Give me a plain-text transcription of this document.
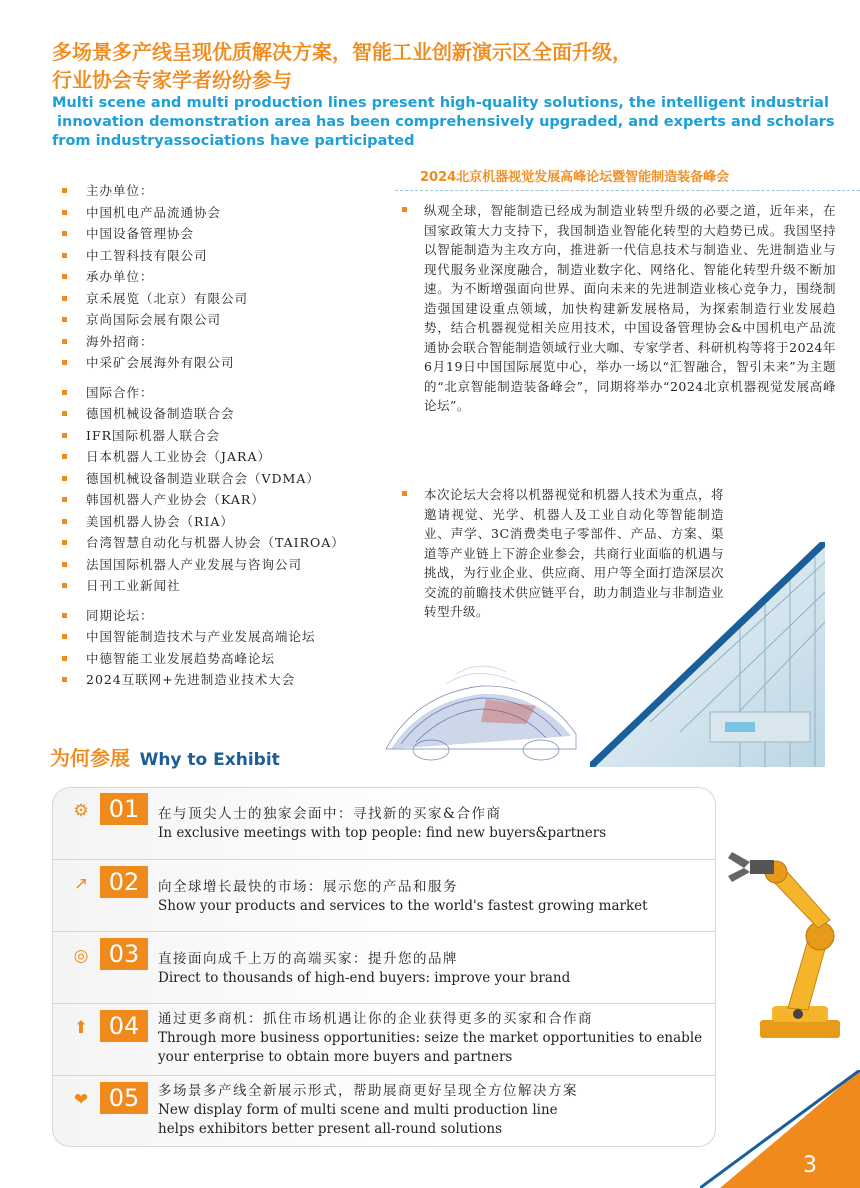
多场景多产线呈现优质解决方案，智能工业创新演示区全面升级，
行业协会专家学者纷纷参与
Multi scene and multi production lines present high-quality solutions, the intelligent industrial
innovation demonstration area has been comprehensively upgraded, and experts and scholars
from industryassociations have participated
2024北京机器视觉发展高峰论坛暨智能制造装备峰会
主办单位：
中国机电产品流通协会
中国设备管理协会
中工智科技有限公司
承办单位：
京禾展览（北京）有限公司
京尚国际会展有限公司
海外招商：
中采矿会展海外有限公司
国际合作：
德国机械设备制造联合会
IFR国际机器人联合会
日本机器人工业协会（JARA）
德国机械设备制造业联合会（VDMA）
韩国机器人产业协会（KAR）
美国机器人协会（RIA）
台湾智慧自动化与机器人协会（TAIROA）
法国国际机器人产业发展与咨询公司
日刊工业新闻社
同期论坛：
中国智能制造技术与产业发展高端论坛
中德智能工业发展趋势高峰论坛
2024互联网+先进制造业技术大会

纵观全球，智能制造已经成为制造业转型升级的必要之道，近年来，在国家政策大力支持下，我国制造业智能化转型的大趋势已成。我国坚持以智能制造为主攻方向，推进新一代信息技术与制造业、先进制造业与现代服务业深度融合，制造业数字化、网络化、智能化转型升级不断加速。为不断增强面向世界、面向未来的先进制造业核心竞争力，围绕制造强国建设重点领域，加快构建新发展格局，为探索制造行业发展趋势，结合机器视觉相关应用技术，中国设备管理协会&中国机电产品流通协会联合智能制造领域行业大咖、专家学者、科研机构等将于2024年6月19日中国国际展览中心，举办一场以“汇智融合，智引未来”为主题的“北京智能制造装备峰会”，同期将举办“2024北京机器视觉发展高峰论坛”。

本次论坛大会将以机器视觉和机器人技术为重点，将邀请视觉、光学、机器人及工业自动化等智能制造业、声学、3C消费类电子零部件、产品、方案、渠道等产业链上下游企业参会，共商行业面临的机遇与挑战，为行业企业、供应商、用户等全面打造深层次交流的前瞻技术供应链平台，助力制造业与非制造业转型升级。

为何参展 Why to Exhibit
⚙ 01	在与顶尖人士的独家会面中：寻找新的买家&合作商
In exclusive meetings with top people: find new buyers&partners
↗ 02	向全球增长最快的市场：展示您的产品和服务
Show your products and services to the world's fastest growing market
◎ 03	直接面向成千上万的高端买家：提升您的品牌
Direct to thousands of high-end buyers: improve your brand
⬆ 04	通过更多商机：抓住市场机遇让你的企业获得更多的买家和合作商
Through more business opportunities: seize the market opportunities to enable your enterprise to obtain more buyers and partners
❤ 05	多场景多产线全新展示形式，帮助展商更好呈现全方位解决方案
New display form of multi scene and multi production line helps exhibitors better present all-round solutions
3
